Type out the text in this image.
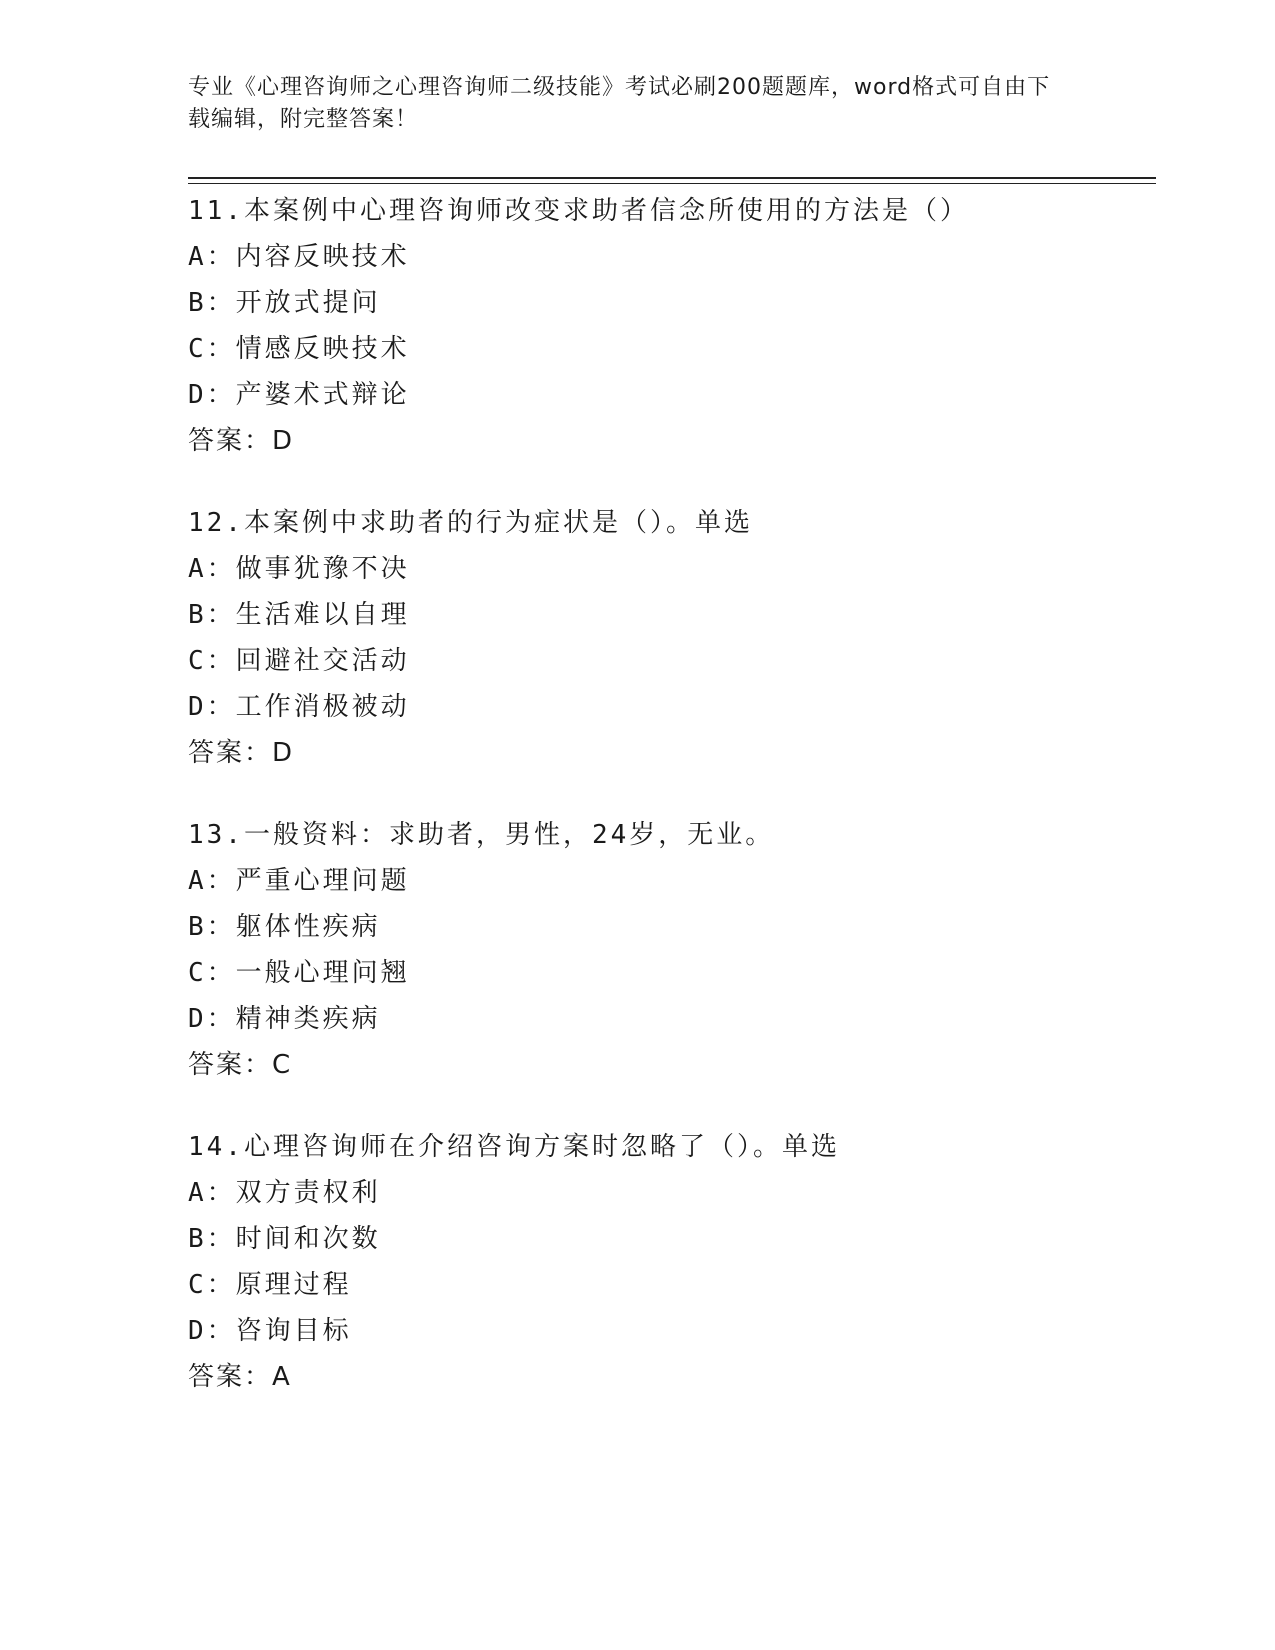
专业《心理咨询师之心理咨询师二级技能》考试必刷200题题库，word格式可自由下载编辑，附完整答案！
11.本案例中心理咨询师改变求助者信念所使用的方法是（）
A：内容反映技术
B：开放式提问
C：情感反映技术
D：产婆术式辩论
答案：D
12.本案例中求助者的行为症状是（）。单选
A：做事犹豫不决
B：生活难以自理
C：回避社交活动
D：工作消极被动
答案：D
13.一般资料：求助者，男性，24岁，无业。
A：严重心理问题
B：躯体性疾病
C：一般心理问翘
D：精神类疾病
答案：C
14.心理咨询师在介绍咨询方案时忽略了（）。单选
A：双方责权利
B：时间和次数
C：原理过程
D：咨询目标
答案：A
